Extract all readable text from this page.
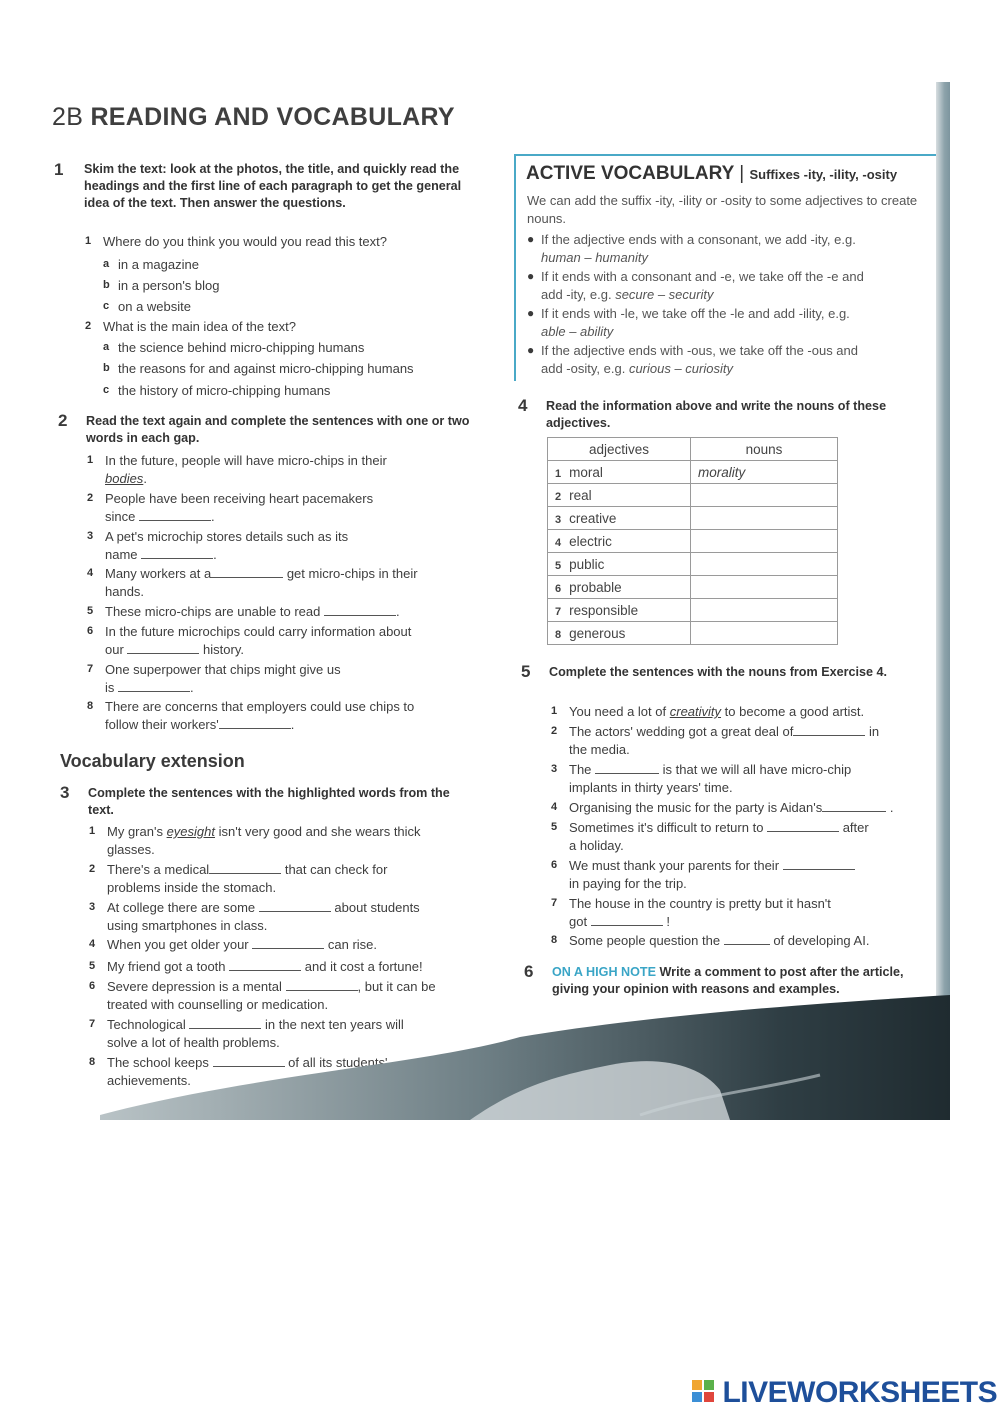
2B READING AND VOCABULARY
1 Skim the text: look at the photos, the title, and quickly read the headings and the first line of each paragraph to get the general idea of the text. Then answer the questions.
1 Where do you think you would you read this text?
a in a magazine
b in a person's blog
c on a website
2 What is the main idea of the text?
a the science behind micro-chipping humans
b the reasons for and against micro-chipping humans
c the history of micro-chipping humans
2 Read the text again and complete the sentences with one or two words in each gap.
1 In the future, people will have micro-chips in their
bodies.
2 People have been receiving heart pacemakers
since	.
3 A pet's microchip stores details such as its
name	.
4 Many workers at a	get micro-chips in their
hands.
5 These micro-chips are unable to read	.
6 In the future microchips could carry information about
our	history.
7 One superpower that chips might give us
is	.
8 There are concerns that employers could use chips to
follow their workers'	.
Vocabulary extension
3 Complete the sentences with the highlighted words from the text.
1 My gran's eyesight isn't very good and she wears thick
glasses.
2 There's a medical	that can check for
problems inside the stomach.
3 At college there are some	about students
using smartphones in class.
4 When you get older your	can rise.
5 My friend got a tooth	and it cost a fortune!
6 Severe depression is a mental	, but it can be
treated with counselling or medication.
7 Technological	in the next ten years will
solve a lot of health problems.
8 The school keeps	of all its students'
achievements.
ACTIVE VOCABULARY | Suffixes -ity, -ility, -osity
We can add the suffix -ity, -ility or -osity to some adjectives to create nouns.
● If the adjective ends with a consonant, we add -ity, e.g.
human – humanity
● If it ends with a consonant and -e, we take off the -e and
add -ity, e.g. secure – security
● If it ends with -le, we take off the -le and add -ility, e.g.
able – ability
● If the adjective ends with -ous, we take off the -ous and
add -osity, e.g. curious – curiosity
4 Read the information above and write the nouns of these adjectives.
adjectives	nouns
1 moral	morality
2 real	
3 creative	
4 electric	
5 public	
6 probable	
7 responsible	
8 generous	
5 Complete the sentences with the nouns from Exercise 4.
1 You need a lot of creativity to become a good artist.
2 The actors' wedding got a great deal of	in
the media.
3 The	is that we will all have micro-chip
implants in thirty years' time.
4 Organising the music for the party is Aidan's	.
5 Sometimes it's difficult to return to	after
a holiday.
6 We must thank your parents for their
in paying for the trip.
7 The house in the country is pretty but it hasn't
got	!
8 Some people question the	of developing AI.
6 ON A HIGH NOTE Write a comment to post after the article, giving your opinion with reasons and examples.
LIVEWORKSHEETS
